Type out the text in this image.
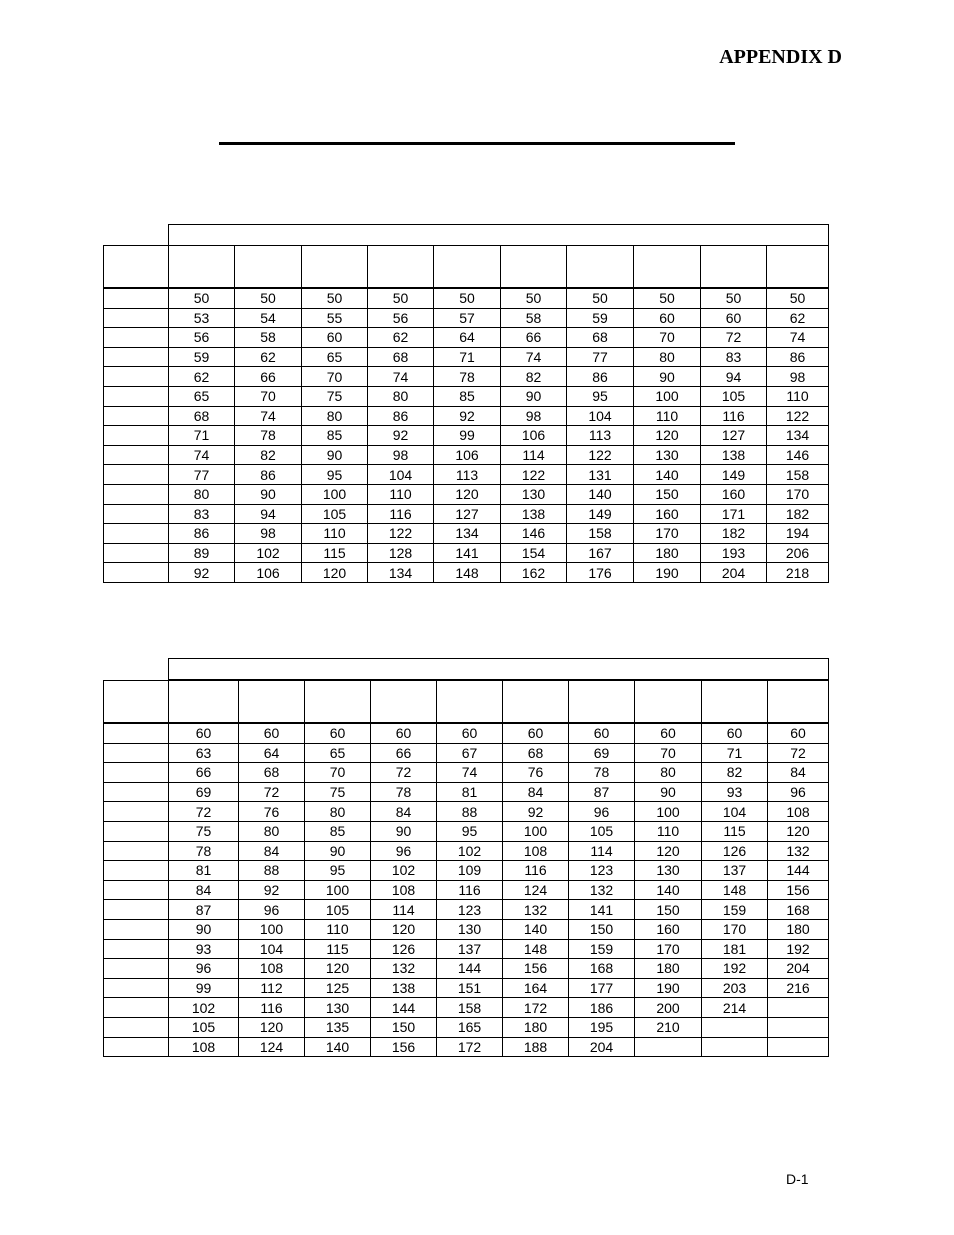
APPENDIX D

	50	50	50	50	50	50	50	50	50	50
	53	54	55	56	57	58	59	60	60	62
	56	58	60	62	64	66	68	70	72	74
	59	62	65	68	71	74	77	80	83	86
	62	66	70	74	78	82	86	90	94	98
	65	70	75	80	85	90	95	100	105	110
	68	74	80	86	92	98	104	110	116	122
	71	78	85	92	99	106	113	120	127	134
	74	82	90	98	106	114	122	130	138	146
	77	86	95	104	113	122	131	140	149	158
	80	90	100	110	120	130	140	150	160	170
	83	94	105	116	127	138	149	160	171	182
	86	98	110	122	134	146	158	170	182	194
	89	102	115	128	141	154	167	180	193	206
	92	106	120	134	148	162	176	190	204	218

	60	60	60	60	60	60	60	60	60	60
	63	64	65	66	67	68	69	70	71	72
	66	68	70	72	74	76	78	80	82	84
	69	72	75	78	81	84	87	90	93	96
	72	76	80	84	88	92	96	100	104	108
	75	80	85	90	95	100	105	110	115	120
	78	84	90	96	102	108	114	120	126	132
	81	88	95	102	109	116	123	130	137	144
	84	92	100	108	116	124	132	140	148	156
	87	96	105	114	123	132	141	150	159	168
	90	100	110	120	130	140	150	160	170	180
	93	104	115	126	137	148	159	170	181	192
	96	108	120	132	144	156	168	180	192	204
	99	112	125	138	151	164	177	190	203	216
	102	116	130	144	158	172	186	200	214	
	105	120	135	150	165	180	195	210		
	108	124	140	156	172	188	204			
D-1
